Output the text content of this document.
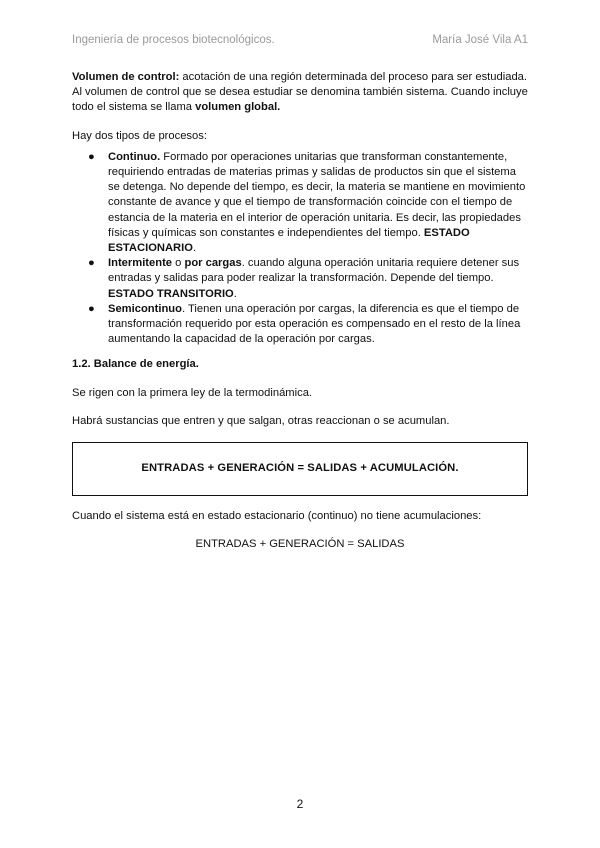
Ingeniería de procesos biotecnológicos.	María José Vila A1

Volumen de control: acotación de una región determinada del proceso para ser estudiada. Al volumen de control que se desea estudiar se denomina también sistema. Cuando incluye todo el sistema se llama volumen global.

Hay dos tipos de procesos:

● Continuo. Formado por operaciones unitarias que transforman constantemente, requiriendo entradas de materias primas y salidas de productos sin que el sistema se detenga. No depende del tiempo, es decir, la materia se mantiene en movimiento constante de avance y que el tiempo de transformación coincide con el tiempo de estancia de la materia en el interior de operación unitaria. Es decir, las propiedades físicas y químicas son constantes e independientes del tiempo. ESTADO ESTACIONARIO.
● Intermitente o por cargas. cuando alguna operación unitaria requiere detener sus entradas y salidas para poder realizar la transformación. Depende del tiempo. ESTADO TRANSITORIO.
● Semicontinuo. Tienen una operación por cargas, la diferencia es que el tiempo de transformación requerido por esta operación es compensado en el resto de la línea aumentando la capacidad de la operación por cargas.

1.2. Balance de energía.

Se rigen con la primera ley de la termodinámica.

Habrá sustancias que entren y que salgan, otras reaccionan o se acumulan.

ENTRADAS + GENERACIÓN = SALIDAS + ACUMULACIÓN.

Cuando el sistema está en estado estacionario (continuo) no tiene acumulaciones:

ENTRADAS + GENERACIÓN = SALIDAS

2
